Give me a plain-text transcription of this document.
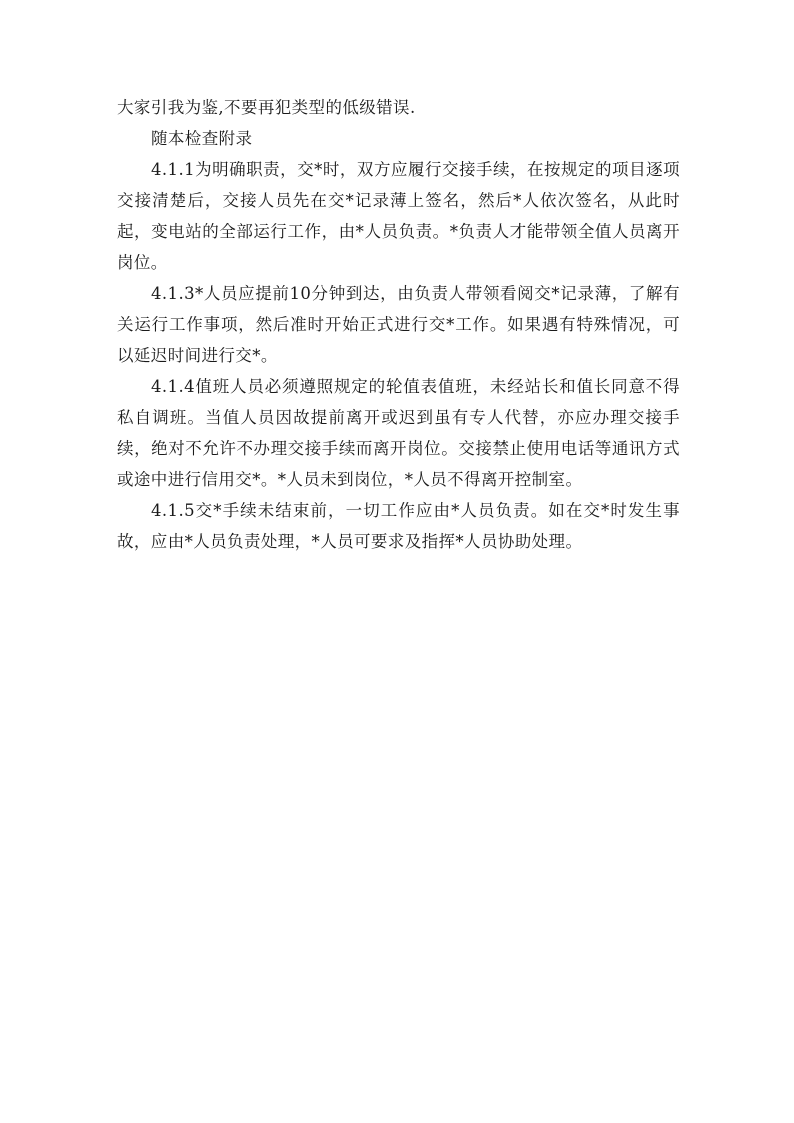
大家引我为鉴,不要再犯类型的低级错误.

随本检查附录

4.1.1为明确职责，交*时，双方应履行交接手续，在按规定的项目逐项交接清楚后，交接人员先在交*记录薄上签名，然后*人依次签名，从此时起，变电站的全部运行工作，由*人员负责。*负责人才能带领全值人员离开岗位。

4.1.3*人员应提前10分钟到达，由负责人带领看阅交*记录薄，了解有关运行工作事项，然后准时开始正式进行交*工作。如果遇有特殊情况，可以延迟时间进行交*。

4.1.4值班人员必须遵照规定的轮值表值班，未经站长和值长同意不得私自调班。当值人员因故提前离开或迟到虽有专人代替，亦应办理交接手续，绝对不允许不办理交接手续而离开岗位。交接禁止使用电话等通讯方式或途中进行信用交*。*人员未到岗位，*人员不得离开控制室。

4.1.5交*手续未结束前，一切工作应由*人员负责。如在交*时发生事故，应由*人员负责处理，*人员可要求及指挥*人员协助处理。
